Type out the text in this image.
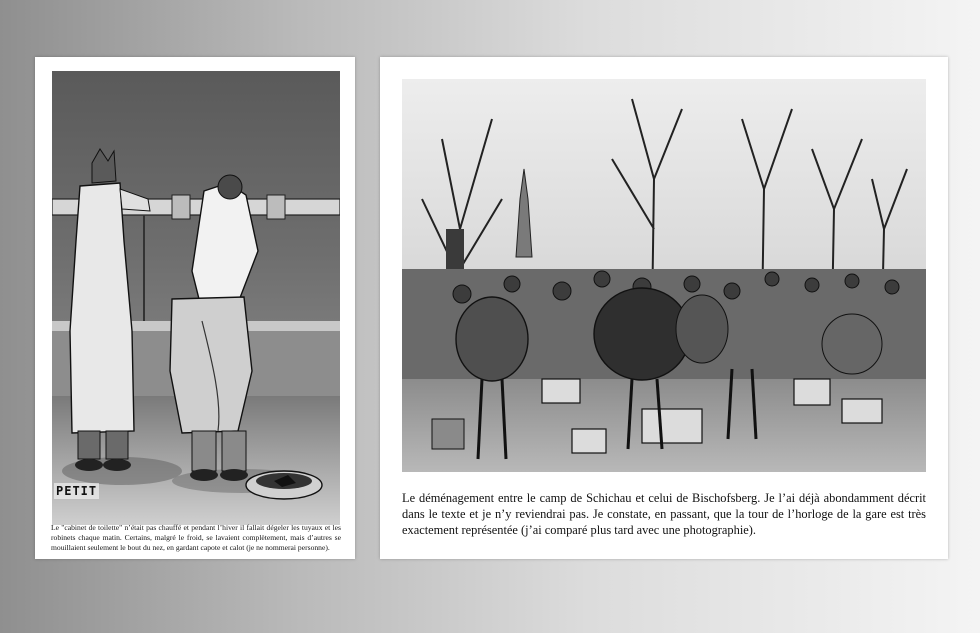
PETIT
Le "cabinet de toilette" n’était pas chauffé et pendant l’hiver il fallait dégeler les tuyaux et les robinets chaque matin. Certains, malgré le froid, se lavaient complètement, mais d’autres se mouillaient seulement le bout du nez, en gardant capote et calot (je ne nommerai personne).
Le déménagement entre le camp de Schichau et celui de Bischofsberg. Je l’ai déjà abondamment décrit dans le texte et je n’y reviendrai pas. Je constate, en passant, que la tour de l’horloge de la gare est très exactement représentée (j’ai comparé plus tard avec une photographie).
